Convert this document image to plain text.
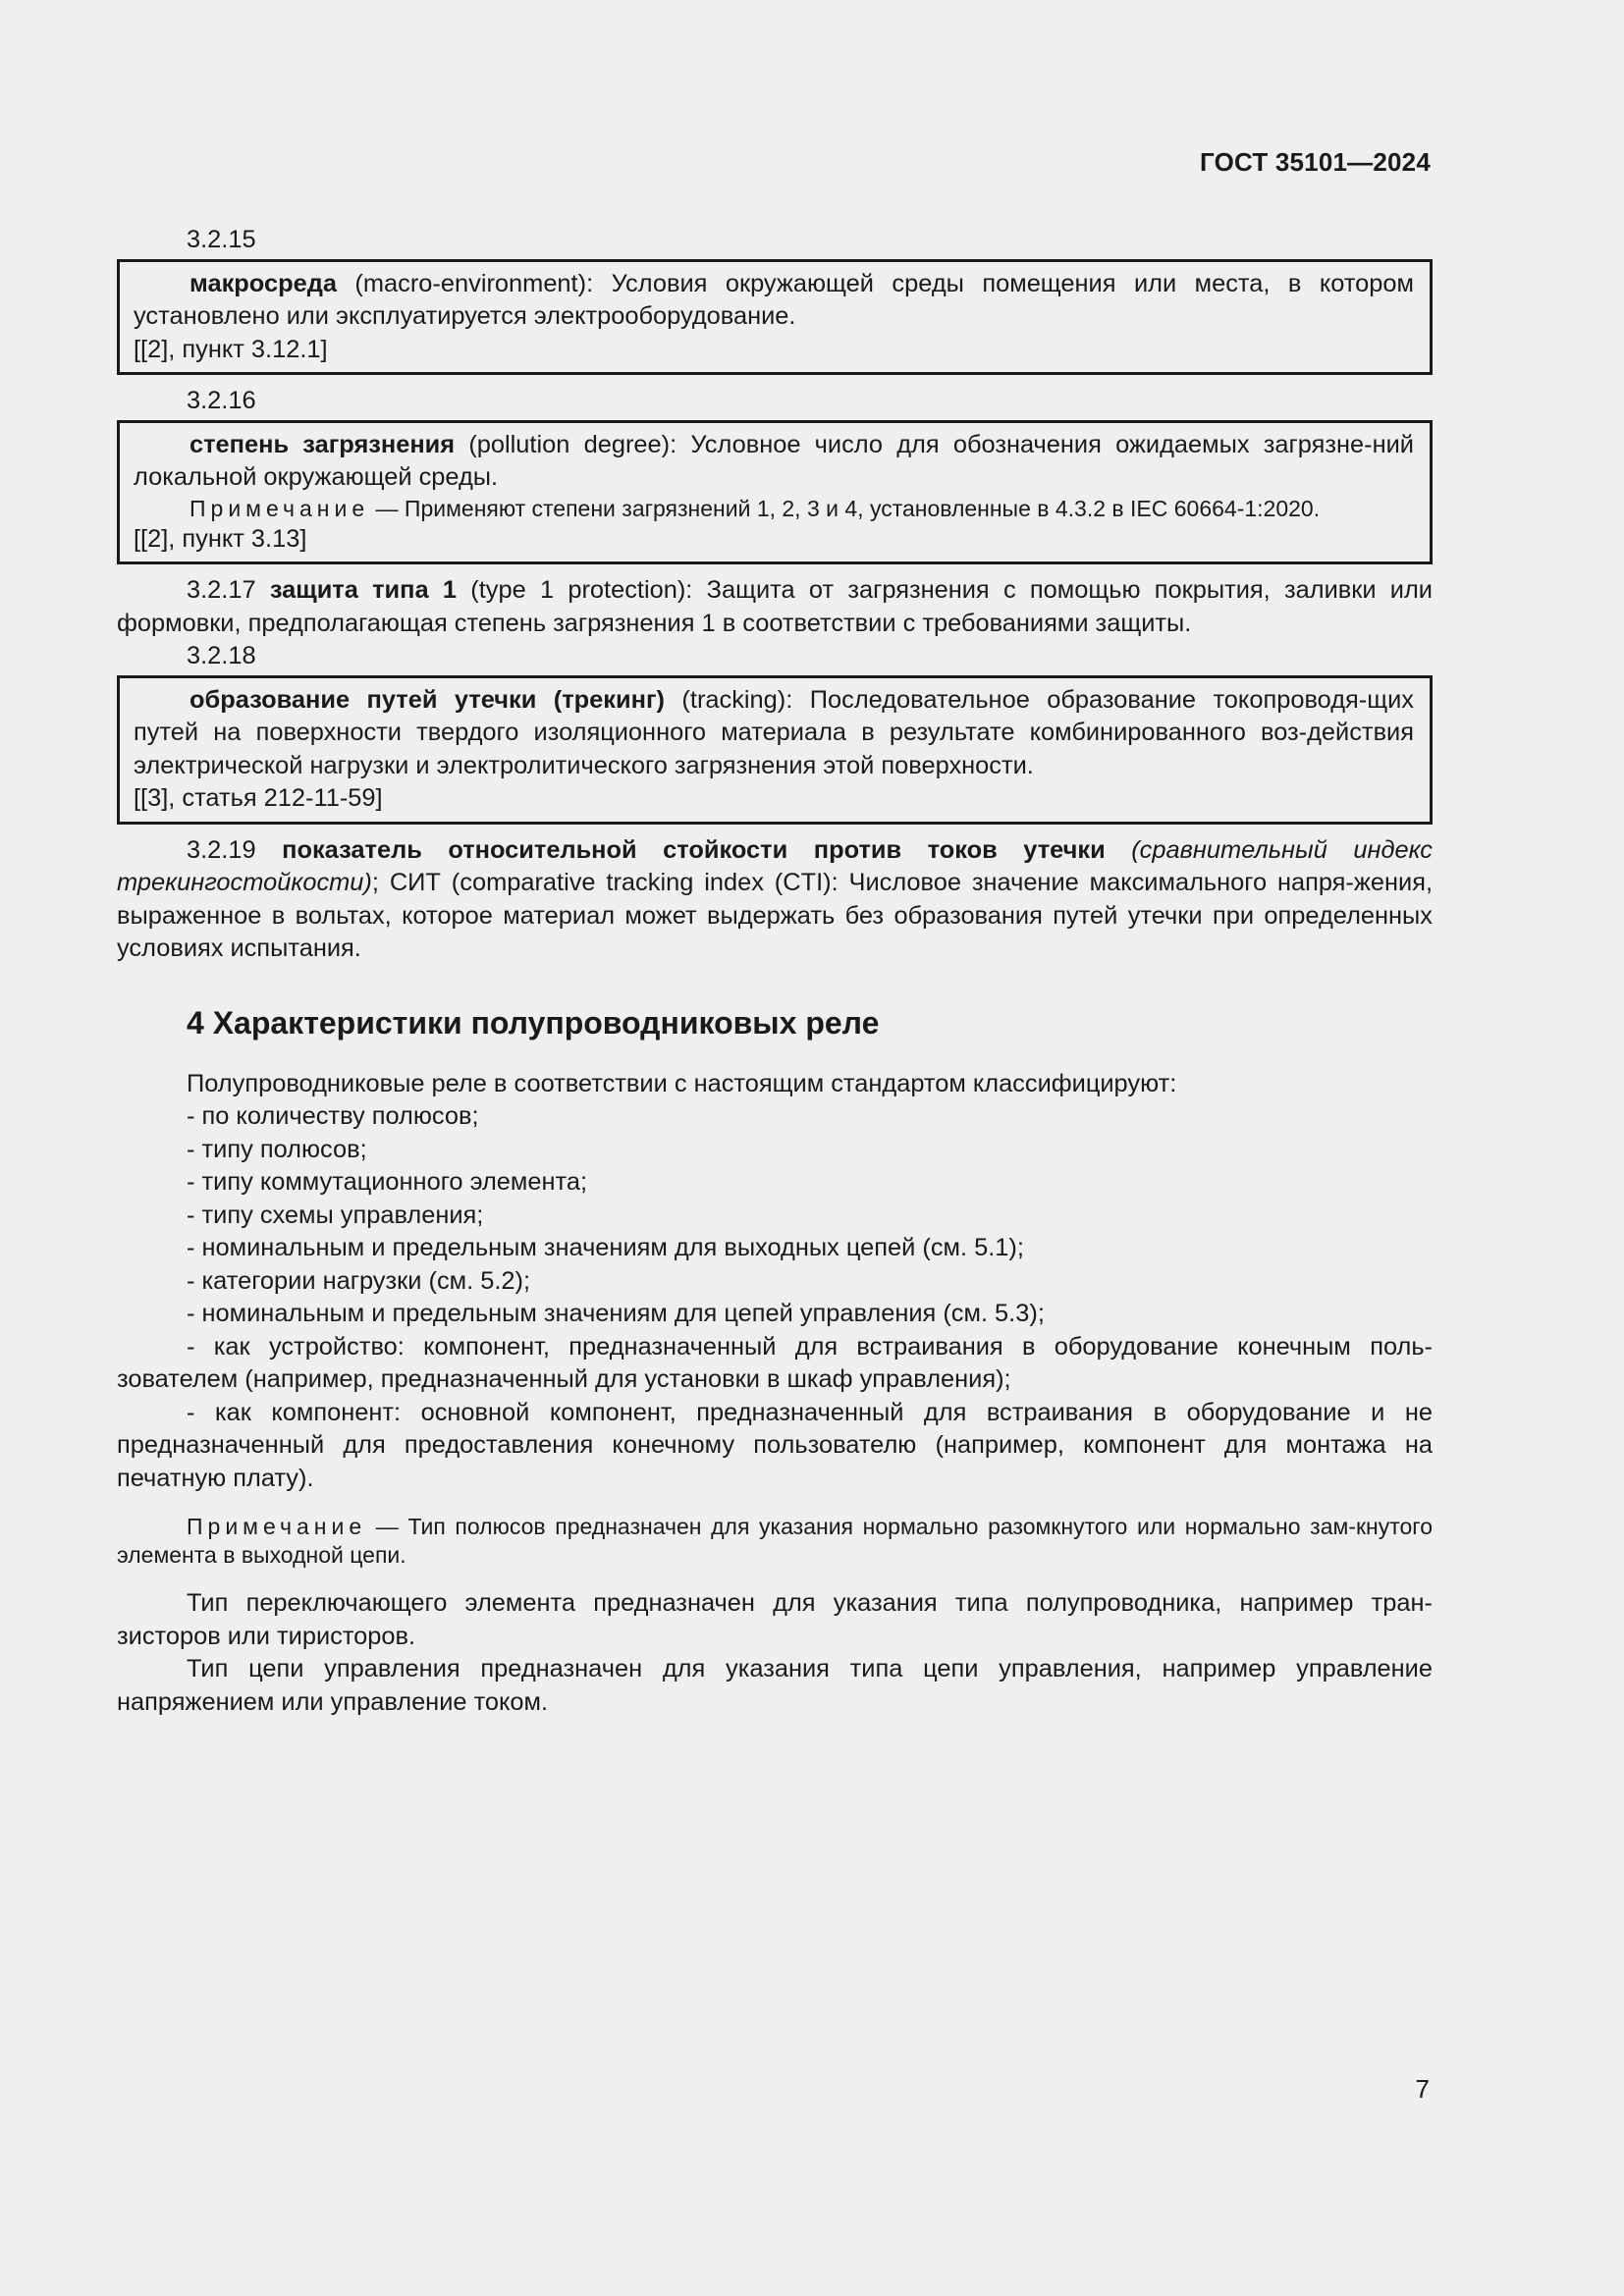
ГОСТ 35101—2024
3.2.15

макросреда (macro-environment): Условия окружающей среды помещения или места, в котором установлено или эксплуатируется электрооборудование.

[[2], пункт 3.12.1]

3.2.16

степень загрязнения (pollution degree): Условное число для обозначения ожидаемых загрязне-ний локальной окружающей среды.

Примечание — Применяют степени загрязнений 1, 2, 3 и 4, установленные в 4.3.2 в IEC 60664-1:2020.

[[2], пункт 3.13]

3.2.17 защита типа 1 (type 1 protection): Защита от загрязнения с помощью покрытия, заливки или формовки, предполагающая степень загрязнения 1 в соответствии с требованиями защиты.

3.2.18

образование путей утечки (трекинг) (tracking): Последовательное образование токопроводя-щих путей на поверхности твердого изоляционного материала в результате комбинированного воз-действия электрической нагрузки и электролитического загрязнения этой поверхности.

[[3], статья 212-11-59]

3.2.19 показатель относительной стойкости против токов утечки (сравнительный индекс трекингостойкости); СИТ (comparative tracking index (CTI): Числовое значение максимального напря-жения, выраженное в вольтах, которое материал может выдержать без образования путей утечки при определенных условиях испытания.

4 Характеристики полупроводниковых реле

Полупроводниковые реле в соответствии с настоящим стандартом классифицируют:

- по количеству полюсов;
- типу полюсов;
- типу коммутационного элемента;
- типу схемы управления;
- номинальным и предельным значениям для выходных цепей (см. 5.1);
- категории нагрузки (см. 5.2);
- номинальным и предельным значениям для цепей управления (см. 5.3);

- как устройство: компонент, предназначенный для встраивания в оборудование конечным поль-зователем (например, предназначенный для установки в шкаф управления);

- как компонент: основной компонент, предназначенный для встраивания в оборудование и не предназначенный для предоставления конечному пользователю (например, компонент для монтажа на печатную плату).

Примечание — Тип полюсов предназначен для указания нормально разомкнутого или нормально зам-кнутого элемента в выходной цепи.

Тип переключающего элемента предназначен для указания типа полупроводника, например тран-зисторов или тиристоров.

Тип цепи управления предназначен для указания типа цепи управления, например управление напряжением или управление током.

7
